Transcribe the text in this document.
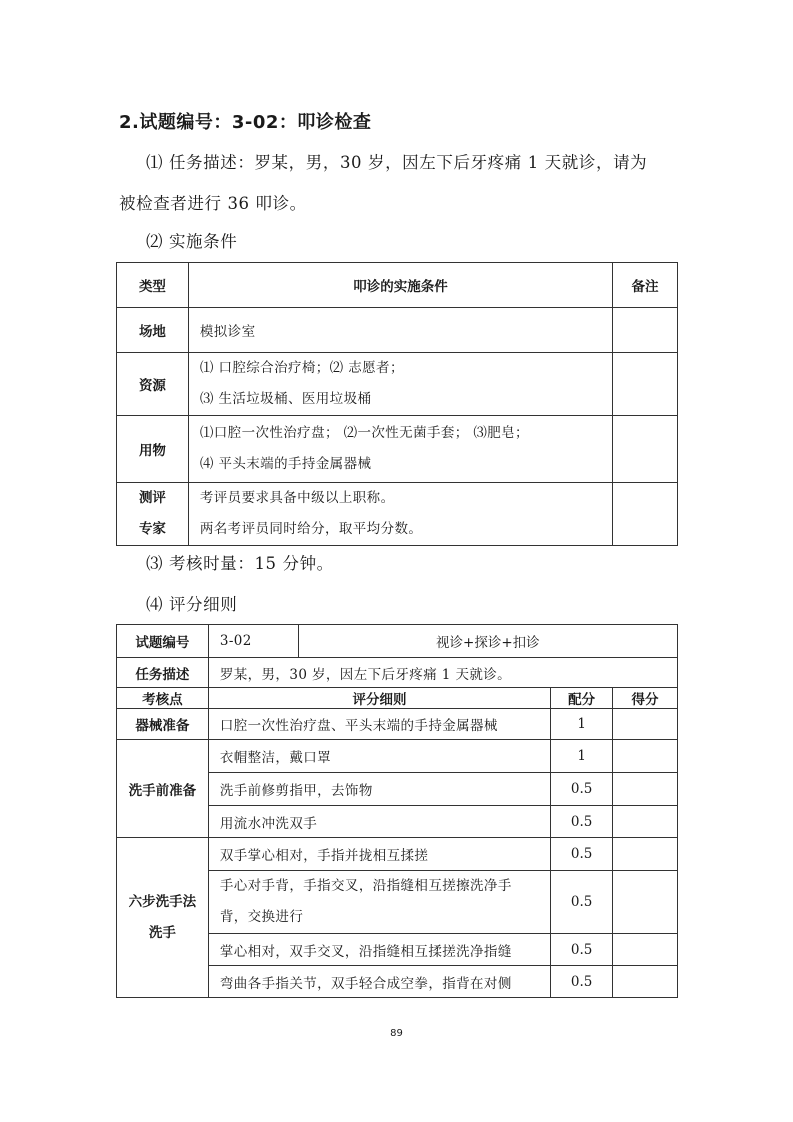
2.试题编号：3-02：叩诊检查
⑴ 任务描述：罗某，男，30 岁，因左下后牙疼痛 1 天就诊，请为
被检查者进行 36 叩诊。
⑵ 实施条件
类型	叩诊的实施条件	备注
场地	模拟诊室	
资源	⑴ 口腔综合治疗椅；⑵ 志愿者；
⑶ 生活垃圾桶、医用垃圾桶	

用物	⑴口腔一次性治疗盘； ⑵一次性无菌手套； ⑶肥皂；
⑷ 平头末端的手持金属器械	

测评
专家	考评员要求具备中级以上职称。
两名考评员同时给分，取平均分数。	

⑶ 考核时量：15 分钟。
⑷ 评分细则
试题编号	3-02	视诊+探诊+扣诊		
任务描述	罗某，男，30 岁，因左下后牙疼痛 1 天就诊。			
考核点	评分细则		配分	得分
器械准备	口腔一次性治疗盘、平头末端的手持金属器械		1	
洗手前准备	衣帽整洁，戴口罩		1	
	洗手前修剪指甲，去饰物		0.5	
	用流水冲洗双手		0.5	

六步洗手法
洗手	双手掌心相对，手指并拢相互揉搓		0.5	

	手心对手背，手指交叉，沿指缝相互搓擦洗净手
背，交换进行		0.5	
	掌心相对，双手交叉，沿指缝相互揉搓洗净指缝		0.5	
	弯曲各手指关节，双手轻合成空拳，指背在对侧		0.5	
89
